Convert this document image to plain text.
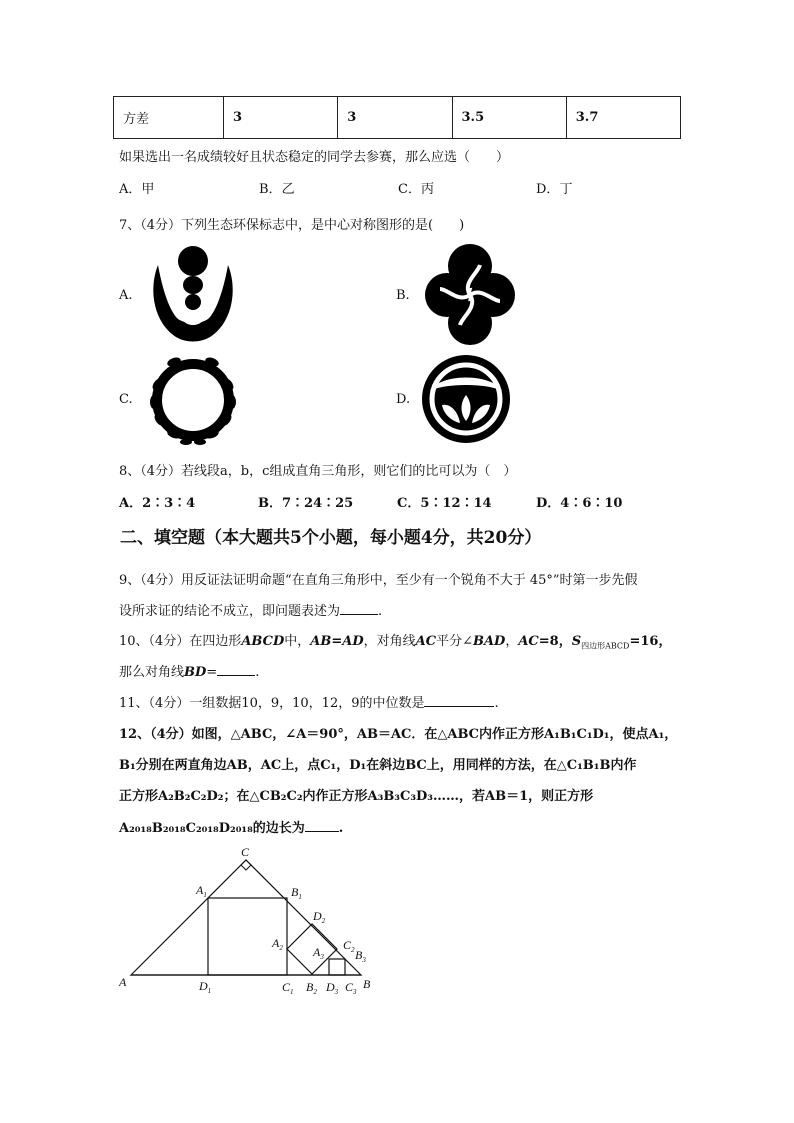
方差	3	3	3.5	3.7
如果选出一名成绩较好且状态稳定的同学去参赛，那么应选（　　）
A．甲	B．乙	C．丙	D．丁
7、（4分）下列生态环保标志中，是中心对称图形的是(　　)
A.	B.
C.	D.
8、（4分）若线段a，b，c组成直角三角形，则它们的比可以为（　）
A．2∶3∶4	B．7∶24∶25	C．5∶12∶14	D．4∶6∶10
二、填空题（本大题共5个小题，每小题4分，共20分）
9、（4分）用反证法证明命题“在直角三角形中，至少有一个锐角不大于 45°”时第一步先假
设所求证的结论不成立，即问题表述为	.
10、（4分）在四边形ABCD中，AB=AD，对角线AC平分∠BAD，AC=8，$S_{四边形ABCD}=16$，
那么对角线BD=	.
11、（4分）一组数据10，9，10，12，9的中位数是	.
12、（4分）如图，△ABC，∠A＝90°，AB＝AC．在△ABC内作正方形A₁B₁C₁D₁，使点A₁，
B₁分别在两直角边AB，AC上，点C₁，D₁在斜边BC上，用同样的方法，在△C₁B₁B内作
正方形A₂B₂C₂D₂；在△CB₂C₂内作正方形A₃B₃C₃D₃……，若AB＝1，则正方形
A₂₀₁₈B₂₀₁₈C₂₀₁₈D₂₀₁₈的边长为	.
C
$A_1$	$B_1$
$D_2$
$A_2$	$A_3$
$C_2$ $B_3$
A	$D_1$	$C_1$ $B_2$ $D_3$ $C_3$
B
